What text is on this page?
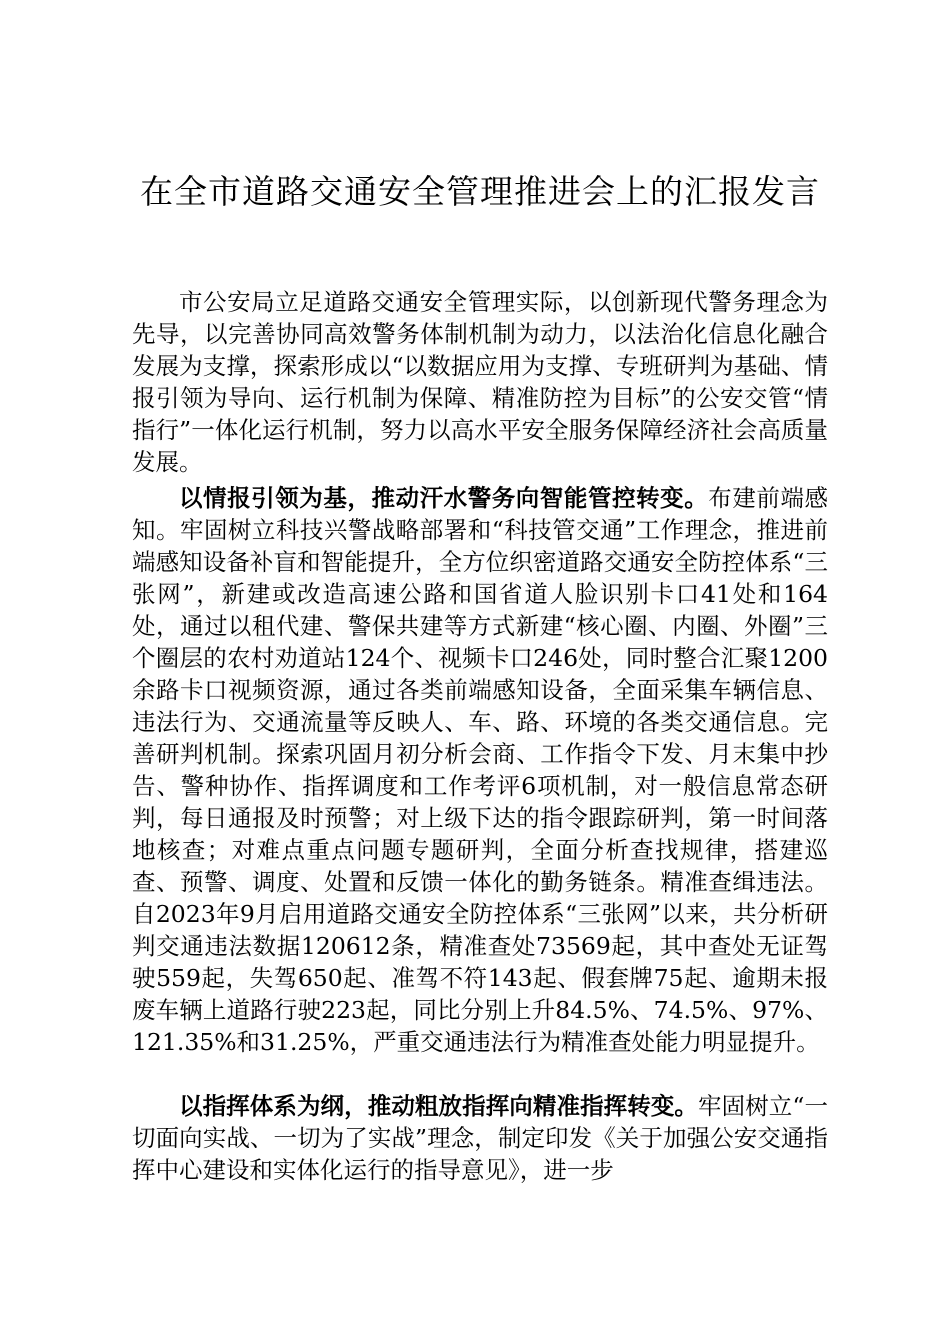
在全市道路交通安全管理推进会上的汇报发言

市公安局立足道路交通安全管理实际，以创新现代警务理念为先导，以完善协同高效警务体制机制为动力，以法治化信息化融合发展为支撑，探索形成以“以数据应用为支撑、专班研判为基础、情报引领为导向、运行机制为保障、精准防控为目标”的公安交管“情指行”一体化运行机制，努力以高水平安全服务保障经济社会高质量发展。

以情报引领为基，推动汗水警务向智能管控转变。布建前端感知。牢固树立科技兴警战略部署和“科技管交通”工作理念，推进前端感知设备补盲和智能提升，全方位织密道路交通安全防控体系“三张网”，新建或改造高速公路和国省道人脸识别卡口41处和164处，通过以租代建、警保共建等方式新建“核心圈、内圈、外圈”三个圈层的农村劝道站124个、视频卡口246处，同时整合汇聚1200余路卡口视频资源，通过各类前端感知设备，全面采集车辆信息、违法行为、交通流量等反映人、车、路、环境的各类交通信息。完善研判机制。探索巩固月初分析会商、工作指令下发、月末集中抄告、警种协作、指挥调度和工作考评6项机制，对一般信息常态研判，每日通报及时预警；对上级下达的指令跟踪研判，第一时间落地核查；对难点重点问题专题研判，全面分析查找规律，搭建巡查、预警、调度、处置和反馈一体化的勤务链条。精准查缉违法。自2023年9月启用道路交通安全防控体系“三张网”以来，共分析研判交通违法数据120612条，精准查处73569起，其中查处无证驾驶559起，失驾650起、准驾不符143起、假套牌75起、逾期未报废车辆上道路行驶223起，同比分别上升84.5%、74.5%、97%、121.35%和31.25%，严重交通违法行为精准查处能力明显提升。

以指挥体系为纲，推动粗放指挥向精准指挥转变。牢固树立“一切面向实战、一切为了实战”理念，制定印发《关于加强公安交通指挥中心建设和实体化运行的指导意见》，进一步
